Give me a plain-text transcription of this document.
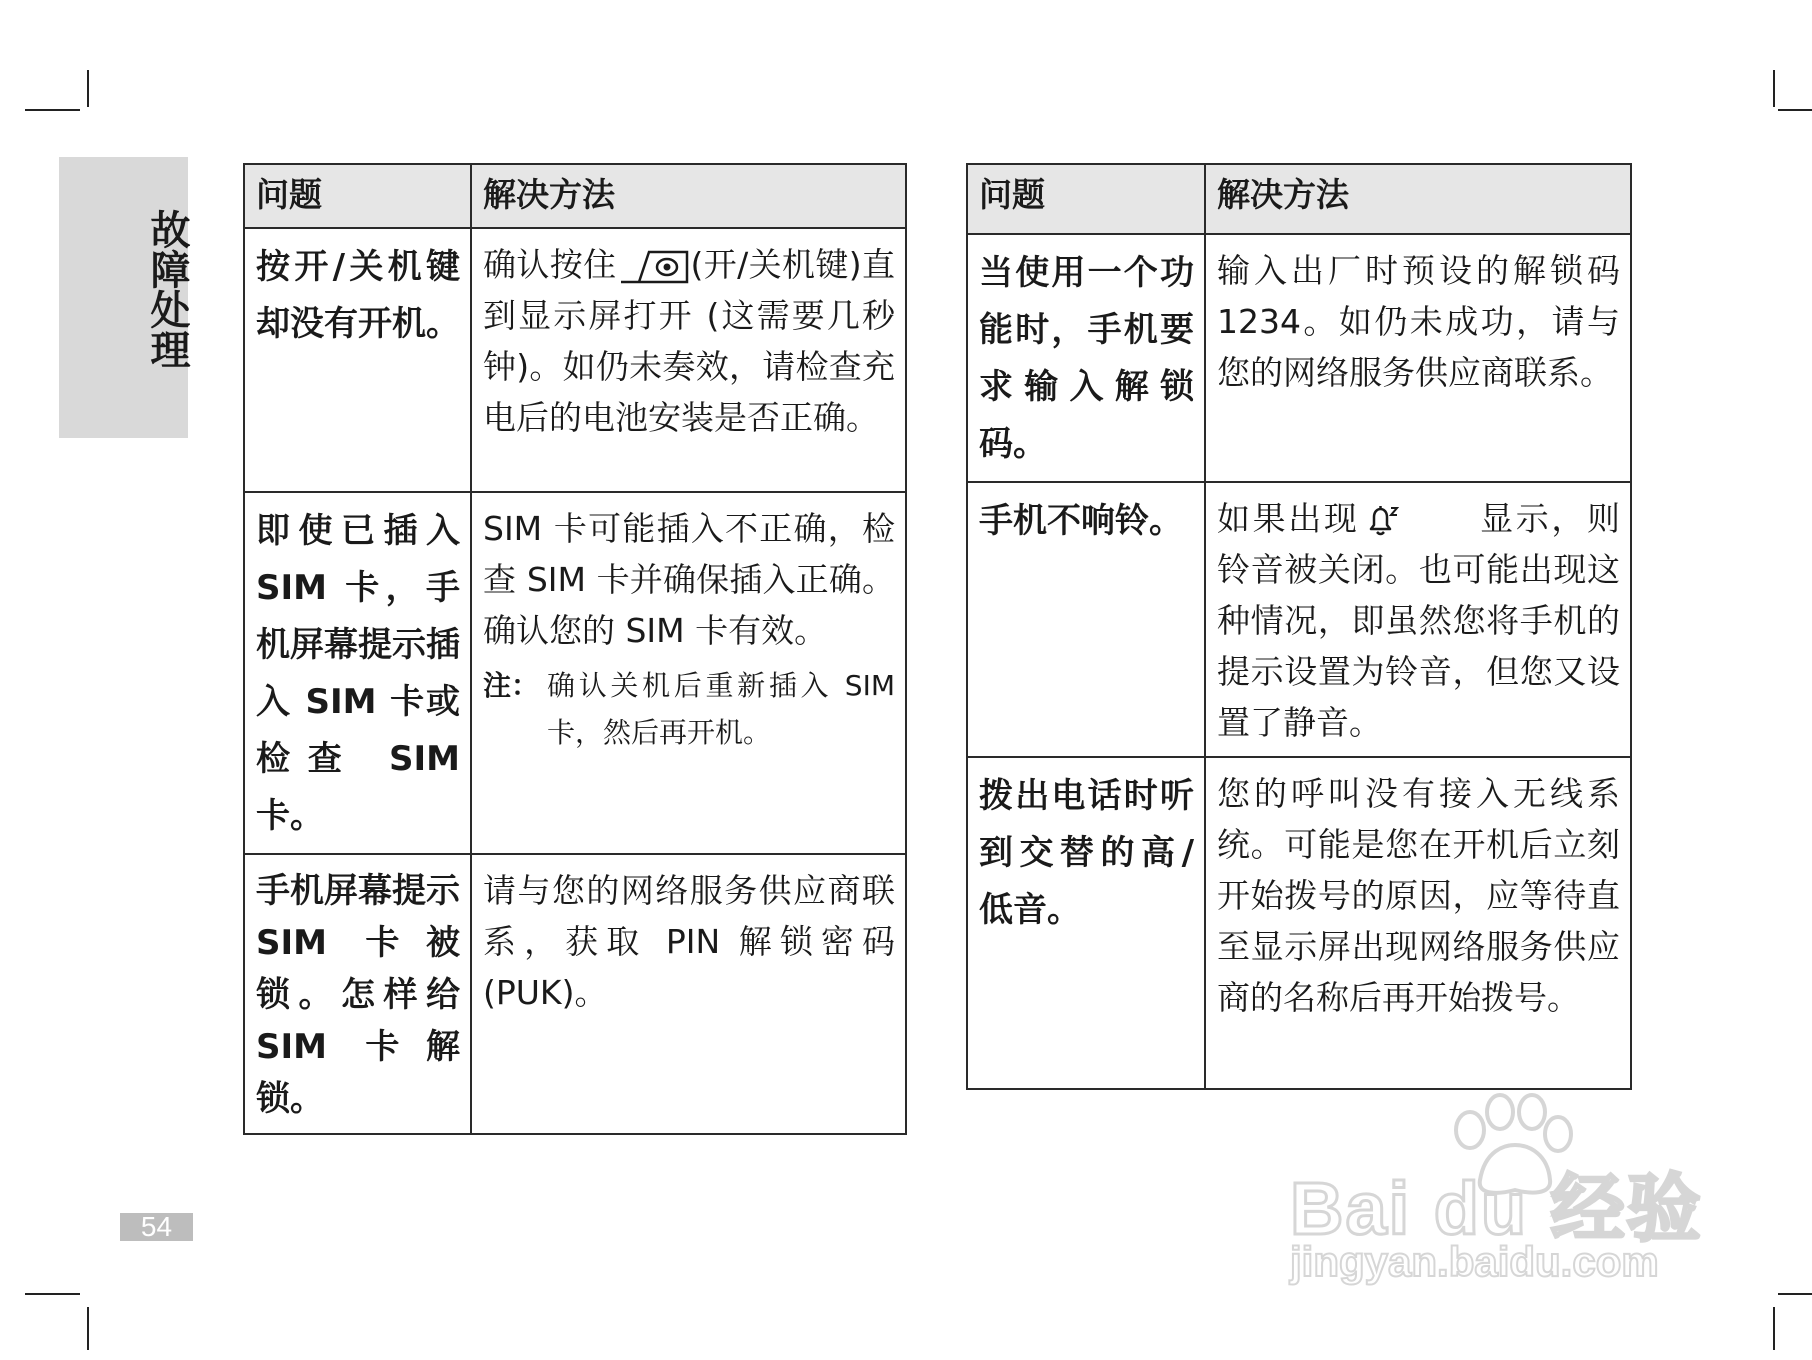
故障处理
54
问题	解决方法
按开/关机键却没有开机。	确认按住 (开/关机键)直到显示屏打开 (这需要几秒钟)。如仍未奏效，请检查充电后的电池安装是否正确。
即使已插入 SIM 卡，手机屏幕提示插入 SIM 卡或检查 SIM 卡。	SIM 卡可能插入不正确，检查 SIM 卡并确保插入正确。确认您的 SIM 卡有效。
注： 确认关机后重新插入 SIM 卡，然后再开机。

手机屏幕提示 SIM 卡被锁。怎样给 SIM 卡解锁。	请与您的网络服务供应商联系，获取 PIN 解锁密码 (PUK)。
问题	解决方法
当使用一个功能时，手机要求输入解锁码。	输入出厂时预设的解锁码 1234。如仍未成功，请与您的网络服务供应商联系。
手机不响铃。	如果出现 显示，则铃音被关闭。也可能出现这种情况，即虽然您将手机的提示设置为铃音，但您又设置了静音。
拨出电话时听到交替的高/低音。	您的呼叫没有接入无线系统。可能是您在开机后立刻开始拨号的原因，应等待直至显示屏出现网络服务供应商的名称后再开始拨号。
Bai du 经验
jingyan.baidu.com
